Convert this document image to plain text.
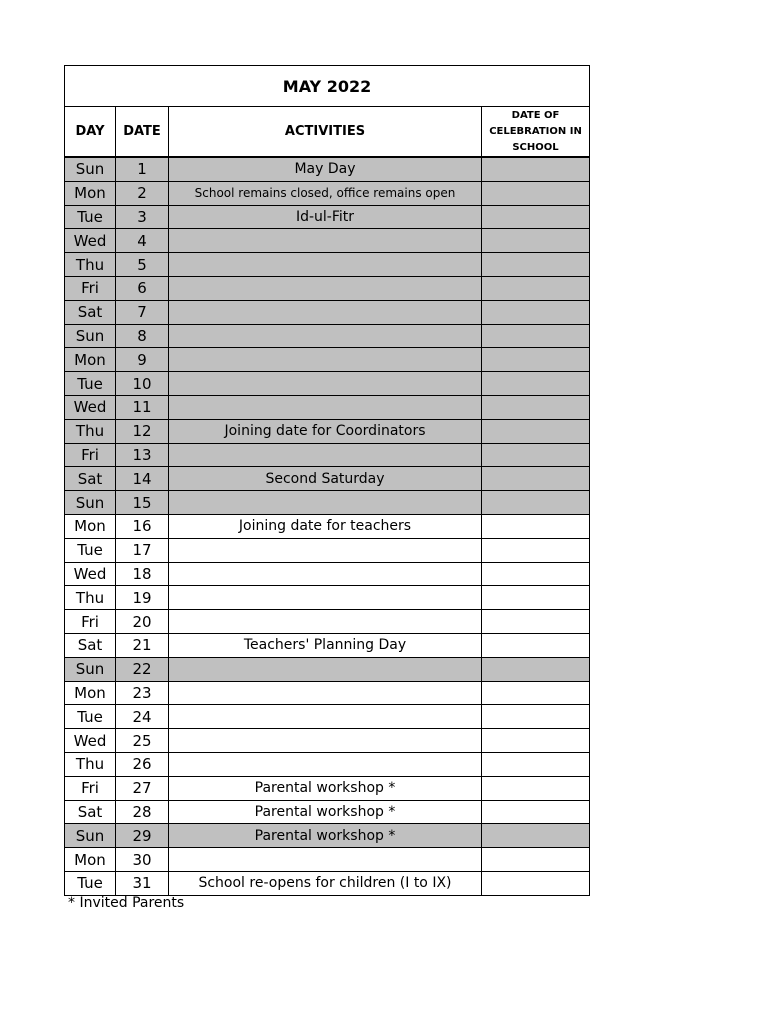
MAY 2022			
DAY	DATE	ACTIVITIES	DATE OF CELEBRATION IN SCHOOL
Sun	1	May Day	
Mon	2	School remains closed, office remains open	
Tue	3	Id-ul-Fitr	
Wed	4		
Thu	5		
Fri	6		
Sat	7		
Sun	8		
Mon	9		
Tue	10		
Wed	11		
Thu	12	Joining date for Coordinators	
Fri	13		
Sat	14	Second Saturday	
Sun	15		
Mon	16	Joining date for teachers	
Tue	17		
Wed	18		
Thu	19		
Fri	20		
Sat	21	Teachers' Planning Day	
Sun	22		
Mon	23		
Tue	24		
Wed	25		
Thu	26		
Fri	27	Parental workshop *	
Sat	28	Parental workshop *	
Sun	29	Parental workshop *	
Mon	30		
Tue	31	School re-opens for children (I to IX)	
* Invited Parents
